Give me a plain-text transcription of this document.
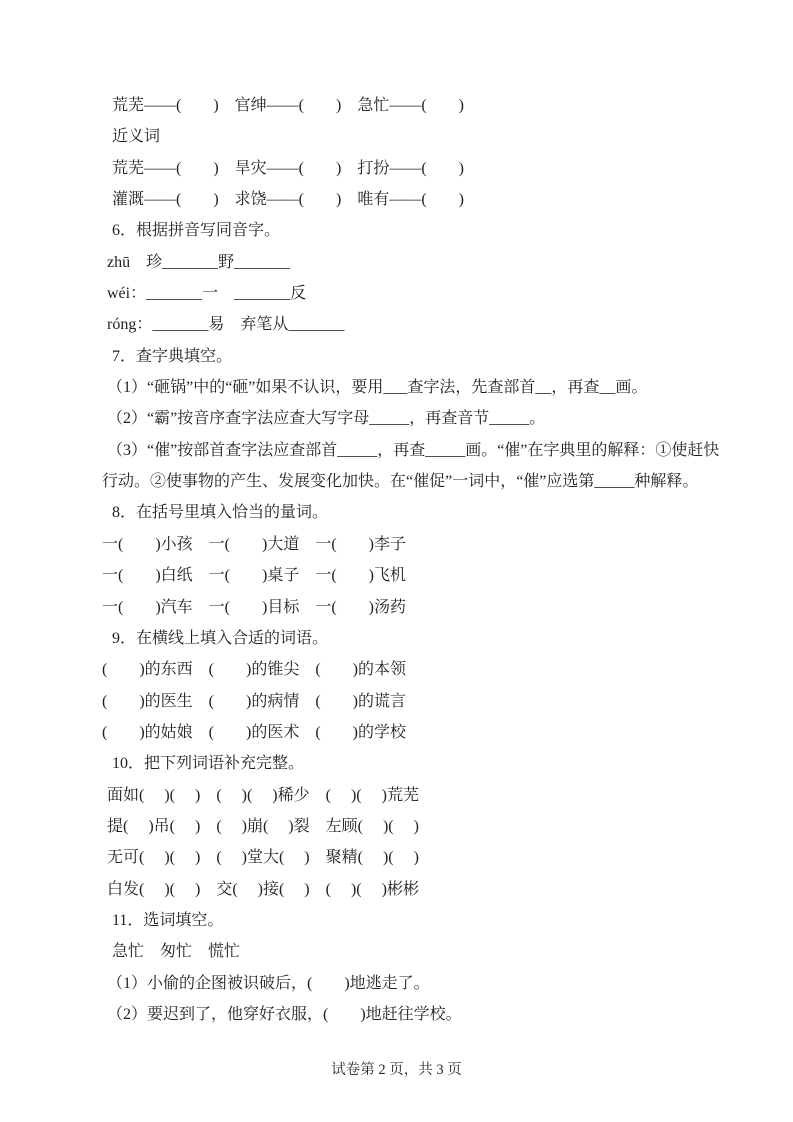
荒芜——(　　)　官绅——(　　)　急忙——(　　)
近义词
荒芜——(　　)　旱灾——(　　)　打扮——(　　)
灌溉——(　　)　求饶——(　　)　唯有——(　　)
6．根据拼音写同音字。
zhū　珍_______野_______
wéi：_______一　_______反
róng：_______易　弃笔从_______
7．查字典填空。
（1）“砸锅”中的“砸”如果不认识，要用___查字法，先查部首__，再查__画。
（2）“霸”按音序查字法应查大写字母_____，再查音节_____。
（3）“催”按部首查字法应查部首_____，再查_____画。“催”在字典里的解释：①使赶快
行动。②使事物的产生、发展变化加快。在“催促”一词中，“催”应选第_____种解释。
8．在括号里填入恰当的量词。
一(　　)小孩　一(　　)大道　一(　　)李子
一(　　)白纸　一(　　)桌子　一(　　)飞机
一(　　)汽车　一(　　)目标　一(　　)汤药
9．在横线上填入合适的词语。
(　　)的东西　(　　)的锥尖　(　　)的本领
(　　)的医生　(　　)的病情　(　　)的谎言
(　　)的姑娘　(　　)的医术　(　　)的学校
10．把下列词语补充完整。
面如(　 )(　 )　(　 )(　 )稀少　(　 )(　 )荒芜
提(　 )吊(　 )　(　 )崩(　 )裂　左顾(　 )(　 )
无可(　 )(　 )　(　 )堂大(　 )　聚精(　 )(　 )
白发(　 )(　 )　交(　 )接(　 )　(　 )(　 )彬彬
11．选词填空。
急忙　匆忙　慌忙
（1）小偷的企图被识破后，(　　)地逃走了。
（2）要迟到了，他穿好衣服，(　　)地赶往学校。
试卷第 2 页，共 3 页
